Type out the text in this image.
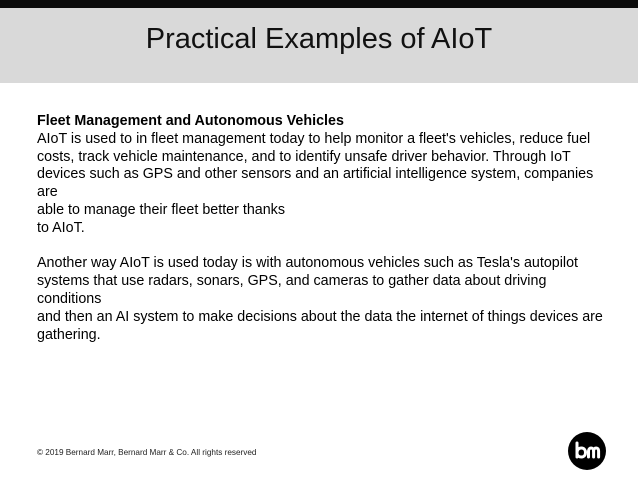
Practical Examples of AIoT
Fleet Management and Autonomous Vehicles

AIoT is used to in fleet management today to help monitor a fleet's vehicles, reduce fuel
costs, track vehicle maintenance, and to identify unsafe driver behavior. Through IoT
devices such as GPS and other sensors and an artificial intelligence system, companies are
able to manage their fleet better thanks
to AIoT.

Another way AIoT is used today is with autonomous vehicles such as Tesla's autopilot
systems that use radars, sonars, GPS, and cameras to gather data about driving conditions
and then an AI system to make decisions about the data the internet of things devices are
gathering.

© 2019 Bernard Marr, Bernard Marr & Co. All rights reserved
